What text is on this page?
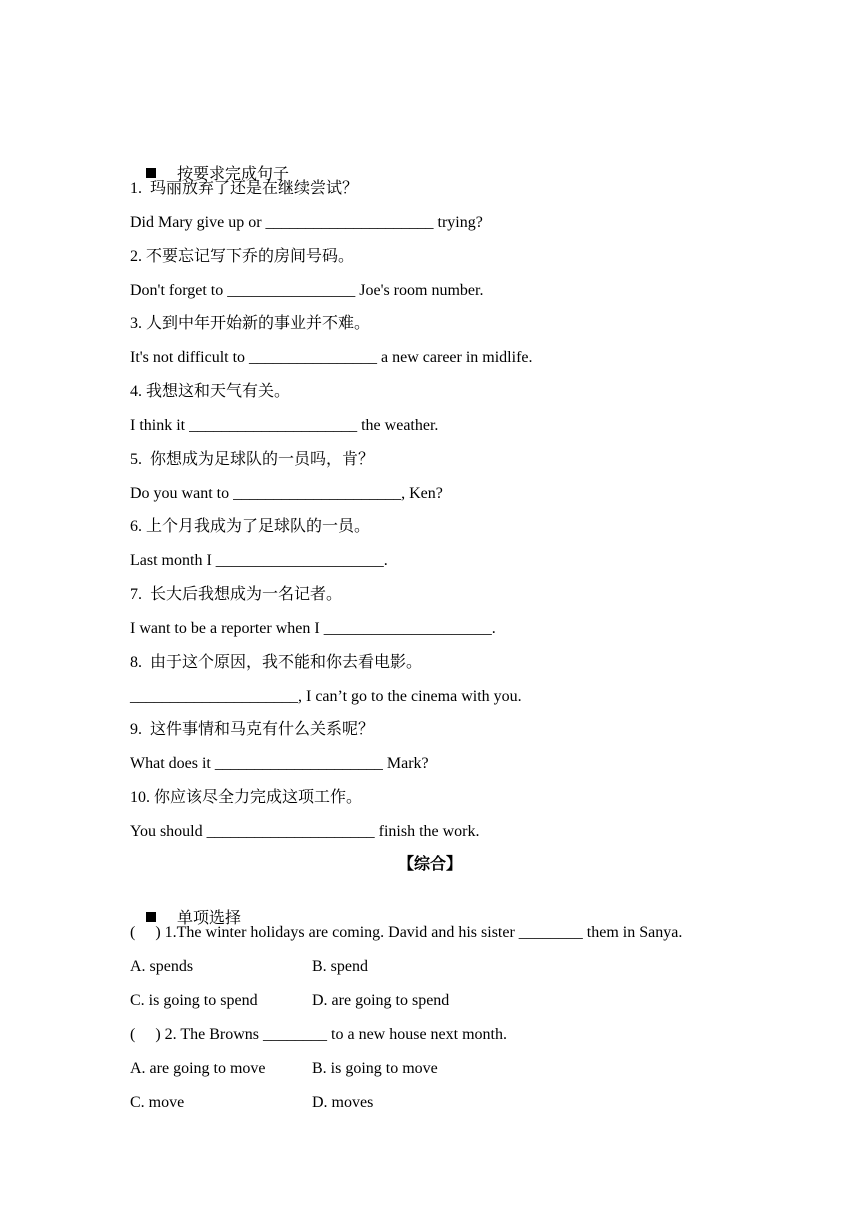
按要求完成句子

1.  玛丽放弃了还是在继续尝试？
Did Mary give up or _____________________ trying?
2. 不要忘记写下乔的房间号码。
Don't forget to ________________ Joe's room number.
3. 人到中年开始新的事业并不难。
It's not difficult to ________________ a new career in midlife.
4. 我想这和天气有关。
I think it _____________________ the weather.
5.  你想成为足球队的一员吗，肯？
Do you want to _____________________, Ken?
6. 上个月我成为了足球队的一员。
Last month I _____________________.
7.  长大后我想成为一名记者。
I want to be a reporter when I _____________________.
8.  由于这个原因，我不能和你去看电影。
_____________________, I can’t go to the cinema with you.
9.  这件事情和马克有什么关系呢？
What does it _____________________ Mark?
10. 你应该尽全力完成这项工作。
You should _____________________ finish the work.
【综合】

单项选择

(     ) 1.The winter holidays are coming. David and his sister ________ them in Sanya.

A. spends

	B. spend

C. is going to spend

	D. are going to spend

(     ) 2. The Browns ________ to a new house next month.

A. are going to move

	B. is going to move

C. move

	D. moves
